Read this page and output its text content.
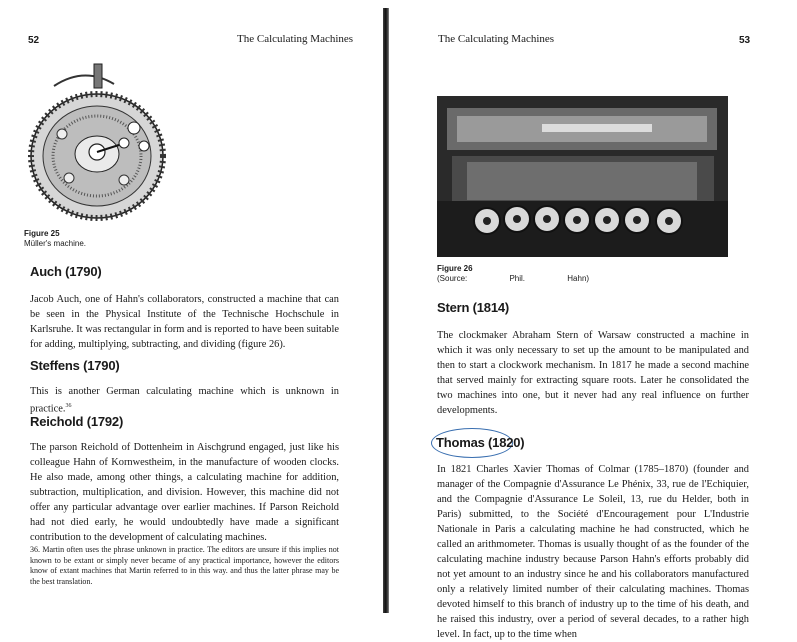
52	The Calculating Machines
Figure 25
Müller's machine.
Auch (1790)

Jacob Auch, one of Hahn's collaborators, constructed a machine that can be seen in the Physical Institute of the Technische Hochschule in Karlsruhe. It was rectangular in form and is reported to have been suitable for adding, multiplying, subtracting, and dividing (figure 26).

Steffens (1790)

This is another German calculating machine which is unknown in practice.$^{36}$

Reichold (1792)

The parson Reichold of Dottenheim in Aischgrund engaged, just like his colleague Hahn of Kornwestheim, in the manufacture of wooden clocks. He also made, among other things, a calculating machine for addition, subtraction, multiplication, and division. However, this machine did not offer any particular advantage over earlier machines. If Parson Reichold had not died early, he would undoubtedly have made a significant contribution to the development of calculating machines.

36. Martin often uses the phrase unknown in practice. The editors are unsure if this implies not known to be extant or simply never became of any practical importance, however the editors know of extant machines that Martin referred to in this way. and thus the latter phrase may be the best translation.

The Calculating Machines	53
Figure 26
(Source:	Phil.	Hahn)
Stern (1814)

The clockmaker Abraham Stern of Warsaw constructed a machine in which it was only necessary to set up the amount to be manipulated and then to start a clockwork mechanism. In 1817 he made a second machine that served mainly for extracting square roots. Later he consolidated the two machines into one, but it never had any real influence on further developments.

Thomas (1820)

In 1821 Charles Xavier Thomas of Colmar (1785–1870) (founder and manager of the Compagnie d'Assurance Le Phénix, 33, rue de l'Echiquier, and the Compagnie d'Assurance Le Soleil, 13, rue du Helder, both in Paris) submitted, to the Société d'Encouragement pour L'Industrie Nationale in Paris a calculating machine he had constructed, which he called an arithmometer. Thomas is usually thought of as the founder of the calculating machine industry because Parson Hahn's efforts probably did not yet amount to an industry since he and his collaborators manufactured only a relatively limited number of their calculating machines. Thomas devoted himself to this branch of industry up to the time of his death, and he raised this industry, over a period of several decades, to a rather high level. In fact, up to the time when
